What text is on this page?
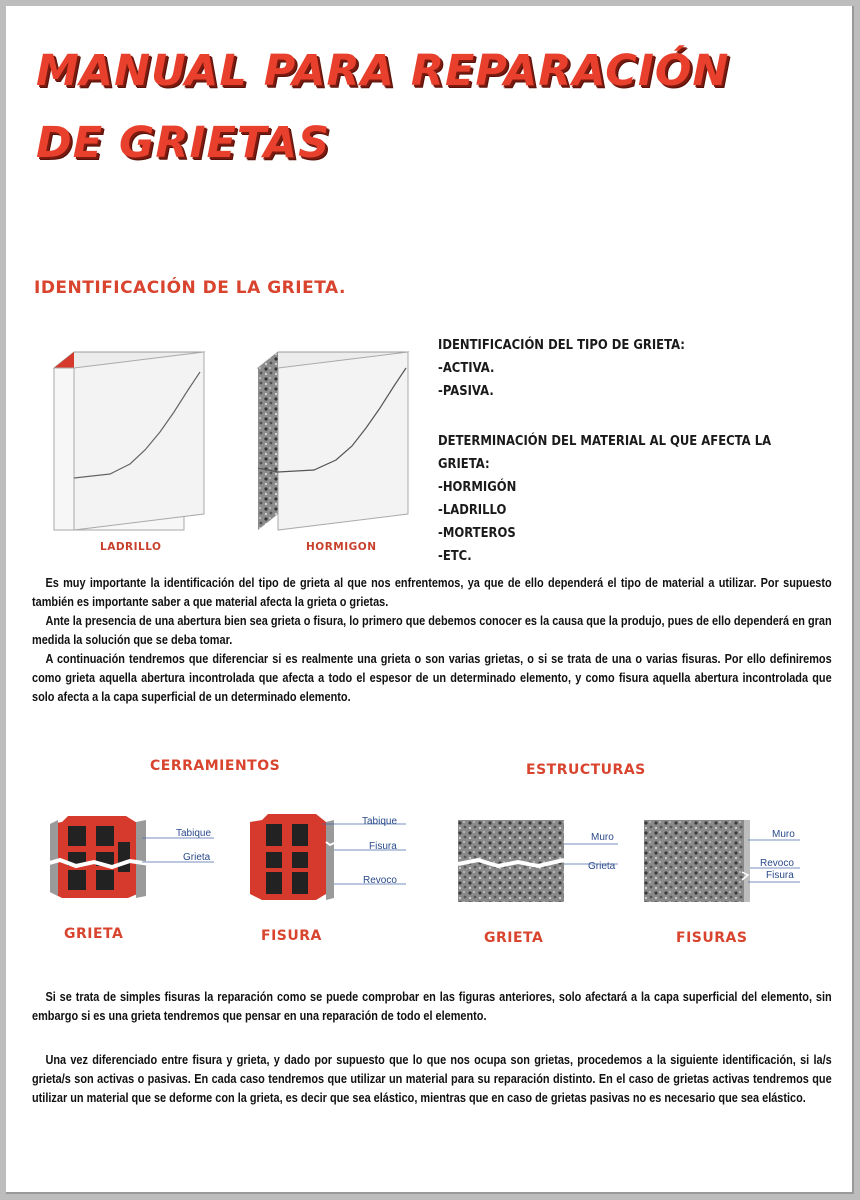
MANUAL PARA REPARACIÓN
DE GRIETAS
IDENTIFICACIÓN DE LA GRIETA.
LADRILLO	HORMIGON
IDENTIFICACIÓN DEL TIPO DE GRIETA:
-ACTIVA.
-PASIVA.
DETERMINACIÓN DEL MATERIAL AL QUE AFECTA LA GRIETA:
-HORMIGÓN
-LADRILLO
-MORTEROS
-ETC.

Es muy importante la identificación del tipo de grieta al que nos enfrentemos, ya que de ello dependerá el tipo de material a utilizar. Por supuesto también es importante saber a que material afecta la grieta o grietas.

Ante la presencia de una abertura bien sea grieta o fisura, lo primero que debemos conocer es la causa que la produjo, pues de ello dependerá en gran medida la solución que se deba tomar.

A continuación tendremos que diferenciar si es realmente una grieta o son varias grietas, o si se trata de una o varias fisuras. Por ello definiremos como grieta aquella abertura incontrolada que afecta a todo el espesor de un determinado elemento, y como fisura aquella abertura incontrolada que solo afecta a la capa superficial de un determinado elemento.

CERRAMIENTOS	ESTRUCTURAS
Tabique
Grieta
GRIETA
Tabique
Fisura
Revoco
FISURA
Muro
Grieta
GRIETA
Muro
Revoco
Fisura
FISURAS

Si se trata de simples fisuras la reparación como se puede comprobar en las figuras anteriores, solo afectará a la capa superficial del elemento, sin embargo si es una grieta tendremos que pensar en una reparación de todo el elemento.

Una vez diferenciado entre fisura y grieta, y dado por supuesto que lo que nos ocupa son grietas, procedemos a la siguiente identificación, si la/s grieta/s son activas o pasivas. En cada caso tendremos que utilizar un material para su reparación distinto. En el caso de grietas activas tendremos que utilizar un material que se deforme con la grieta, es decir que sea elástico, mientras que en caso de grietas pasivas no es necesario que sea elástico.
